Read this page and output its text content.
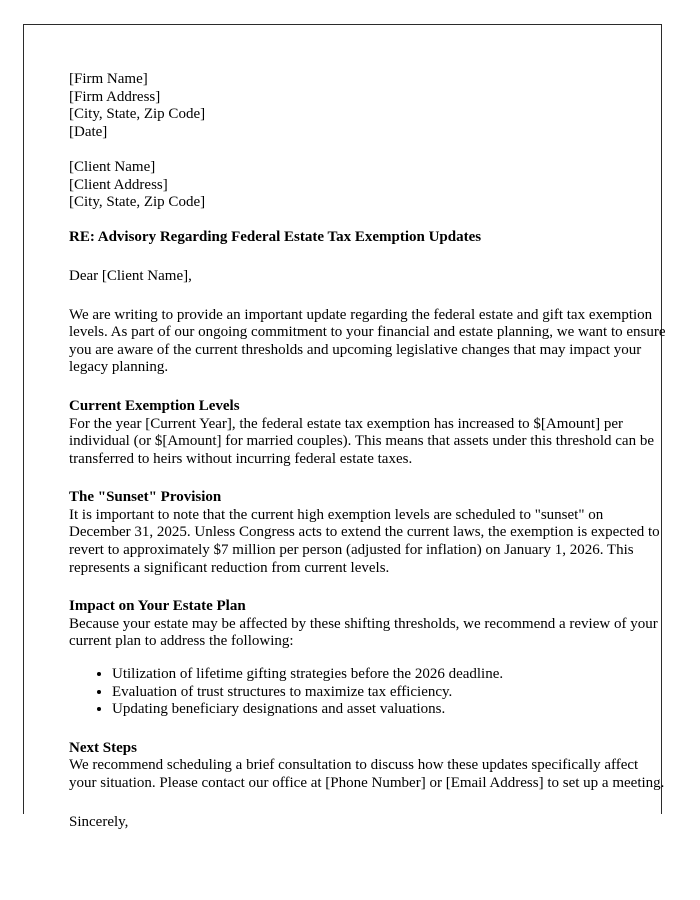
[Firm Name]

[Firm Address]

[City, State, Zip Code]

[Date]

[Client Name]

[Client Address]

[City, State, Zip Code]

RE: Advisory Regarding Federal Estate Tax Exemption Updates

Dear [Client Name],

We are writing to provide an important update regarding the federal estate and gift tax exemption levels. As part of our ongoing commitment to your financial and estate planning, we want to ensure you are aware of the current thresholds and upcoming legislative changes that may impact your legacy planning.

Current Exemption Levels

For the year [Current Year], the federal estate tax exemption has increased to $[Amount] per individual (or $[Amount] for married couples). This means that assets under this threshold can be transferred to heirs without incurring federal estate taxes.

The "Sunset" Provision

It is important to note that the current high exemption levels are scheduled to "sunset" on December 31, 2025. Unless Congress acts to extend the current laws, the exemption is expected to revert to approximately $7 million per person (adjusted for inflation) on January 1, 2026. This represents a significant reduction from current levels.

Impact on Your Estate Plan

Because your estate may be affected by these shifting thresholds, we recommend a review of your current plan to address the following:

• Utilization of lifetime gifting strategies before the 2026 deadline.
• Evaluation of trust structures to maximize tax efficiency.
• Updating beneficiary designations and asset valuations.

Next Steps

We recommend scheduling a brief consultation to discuss how these updates specifically affect your situation. Please contact our office at [Phone Number] or [Email Address] to set up a meeting.

Sincerely,
